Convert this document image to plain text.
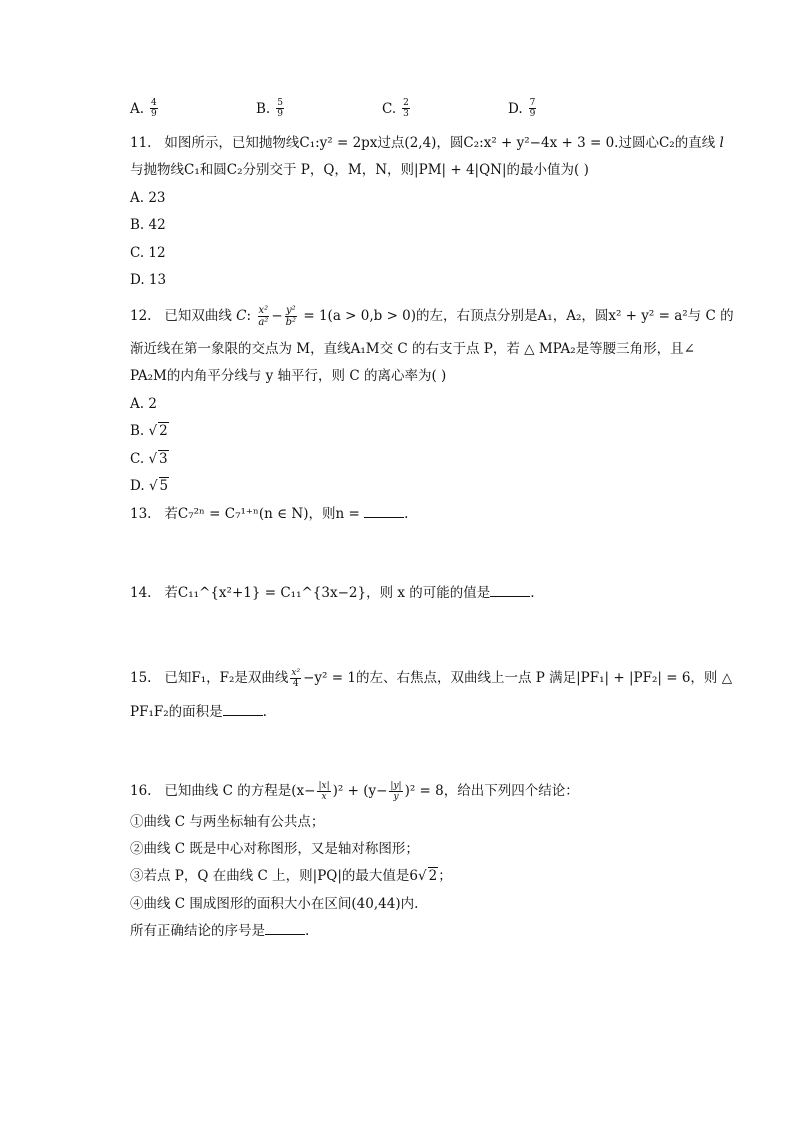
A. $\frac{4}{9}$	B. $\frac{5}{9}$	C. $\frac{2}{3}$	D. $\frac{7}{9}$
11. 如图所示，已知抛物线C₁:y² = 2px过点(2,4)，圆C₂:x² + y²−4x + 3 = 0.过圆心C₂的直线 l
与抛物线C₁和圆C₂分别交于 P，Q，M，N，则|PM| + 4|QN|的最小值为( )
A. 23
B. 42
C. 12
D. 13
12. 已知双曲线 C: $\frac{\text{x²}}{\text{a²}} - \frac{\text{y²}}{\text{b²}} = 1(a > 0,b > 0)$的左，右顶点分别是A₁，A₂，圆x² + y² = a²与 C 的
渐近线在第一象限的交点为 M，直线A₁M交 C 的右支于点 P，若 △ MPA₂是等腰三角形，且∠
PA₂M的内角平分线与 y 轴平行，则 C 的离心率为( )
A. 2
B. √ 2
C. √ 3
D. √ 5
13. 若C₇²ⁿ = C₇¹⁺ⁿ(n ∈ N)，则n =	.
14. 若C₁₁^{x²+1} = C₁₁^{3x−2}，则 x 的可能的值是	.
15. 已知F₁，F₂是双曲线 $\frac{\text{x²}}{4} -y^2 = 1$的左、右焦点，双曲线上一点 P 满足|PF₁| + |PF₂| = 6，则 △
PF₁F₂的面积是	.
16. 已知曲线 C 的方程是$(x- \frac{|x|}{x} )^2 + (y- \frac{|y|}{y} )^2 = 8$，给出下列四个结论：
①曲线 C 与两坐标轴有公共点；
②曲线 C 既是中心对称图形，又是轴对称图形；
③若点 P，Q 在曲线 C 上，则|PQ|的最大值是6√ 2；
④曲线 C 围成图形的面积大小在区间(40,44)内.
所有正确结论的序号是	.
